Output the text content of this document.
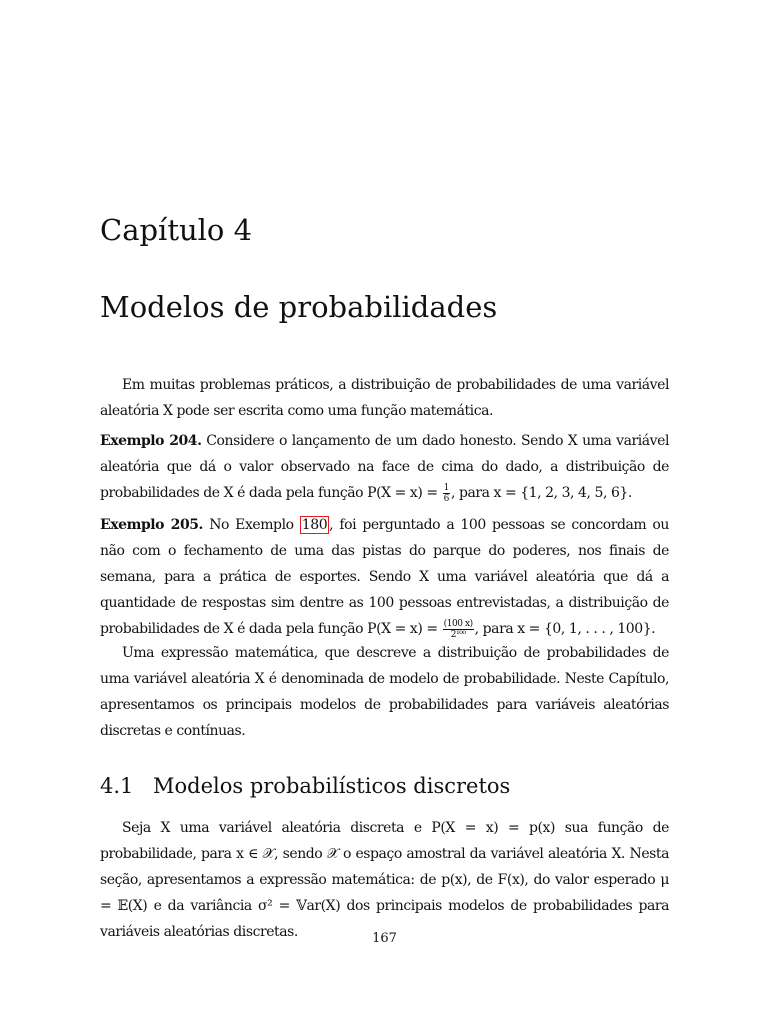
Capítulo 4
Modelos de probabilidades

Em muitas problemas práticos, a distribuição de probabilidades de uma variável aleatória X pode ser escrita como uma função matemática.

Exemplo 204. Considere o lançamento de um dado honesto. Sendo X uma variável aleatória que dá o valor observado na face de cima do dado, a distribuição de probabilidades de X é dada pela função $P(X = x) = \frac{1}{6}$ , para x = {1, 2, 3, 4, 5, 6}.

Exemplo 205. No Exemplo 180 , foi perguntado a 100 pessoas se concordam ou não com o fechamento de uma das pistas do parque do poderes, nos finais de semana, para a prática de esportes. Sendo X uma variável aleatória que dá a quantidade de respostas sim dentre as 100 pessoas entrevistadas, a distribuição de probabilidades de X é dada pela função $P(X = x) = \frac{(100 x)}{\text{2¹⁰⁰}}$ , para x = {0, 1, . . . , 100}.

Uma expressão matemática, que descreve a distribuição de probabilidades de uma variável aleatória X é denominada de modelo de probabilidade. Neste Capítulo, apresentamos os principais modelos de probabilidades para variáveis aleatórias discretas e contínuas.

4.1 Modelos probabilísticos discretos

Seja X uma variável aleatória discreta e P(X = x) = p(x) sua função de probabilidade, para x ∈ 𝒳, sendo 𝒳 o espaço amostral da variável aleatória X. Nesta seção, apresentamos a expressão matemática: de p(x), de F(x), do valor esperado μ = 𝔼(X) e da variância σ² = 𝕍ar(X) dos principais modelos de probabilidades para variáveis aleatórias discretas.	167
